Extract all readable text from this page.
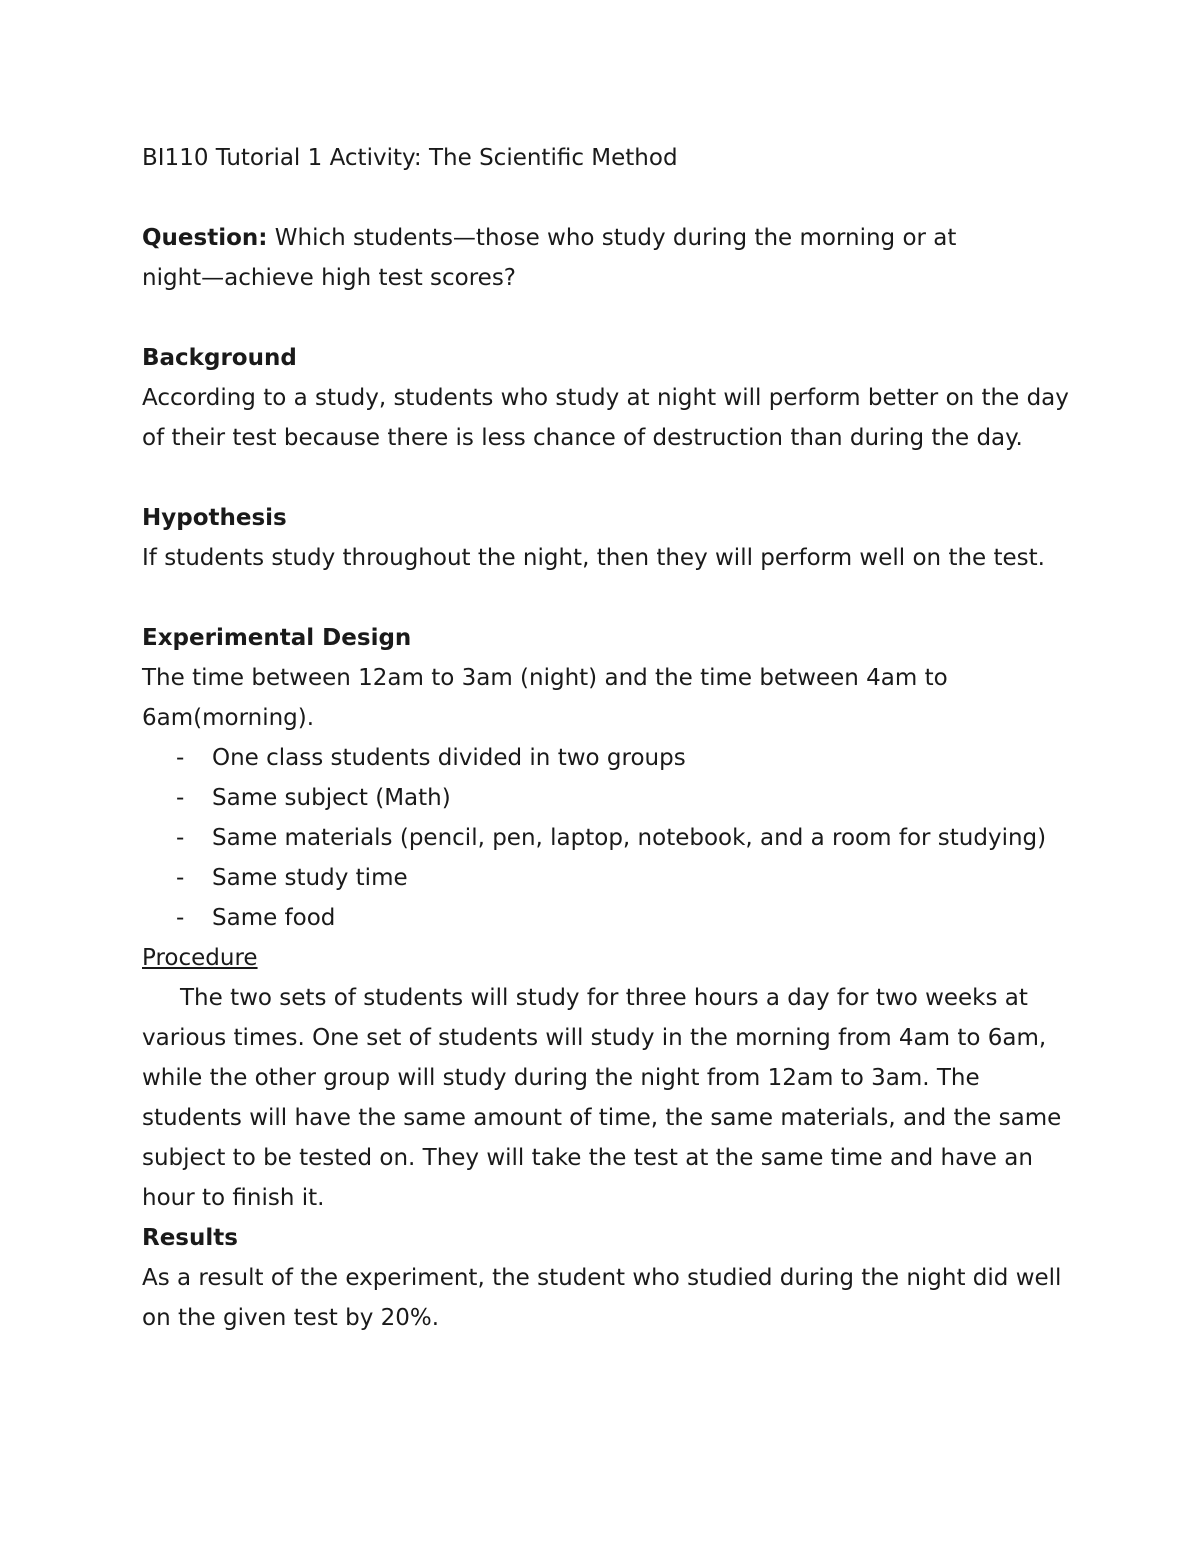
BI110 Tutorial 1 Activity: The Scientific Method

Question: Which students—those who study during the morning or at

night—achieve high test scores?

Background

According to a study, students who study at night will perform better on the day

of their test because there is less chance of destruction than during the day.

Hypothesis

If students study throughout the night, then they will perform well on the test.

Experimental Design

The time between 12am to 3am (night) and the time between 4am to

6am(morning).

- One class students divided in two groups
- Same subject (Math)
- Same materials (pencil, pen, laptop, notebook, and a room for studying)
- Same study time
- Same food

Procedure

The two sets of students will study for three hours a day for two weeks at

various times. One set of students will study in the morning from 4am to 6am,

while the other group will study during the night from 12am to 3am. The

students will have the same amount of time, the same materials, and the same

subject to be tested on. They will take the test at the same time and have an

hour to finish it.

Results

As a result of the experiment, the student who studied during the night did well

on the given test by 20%.
